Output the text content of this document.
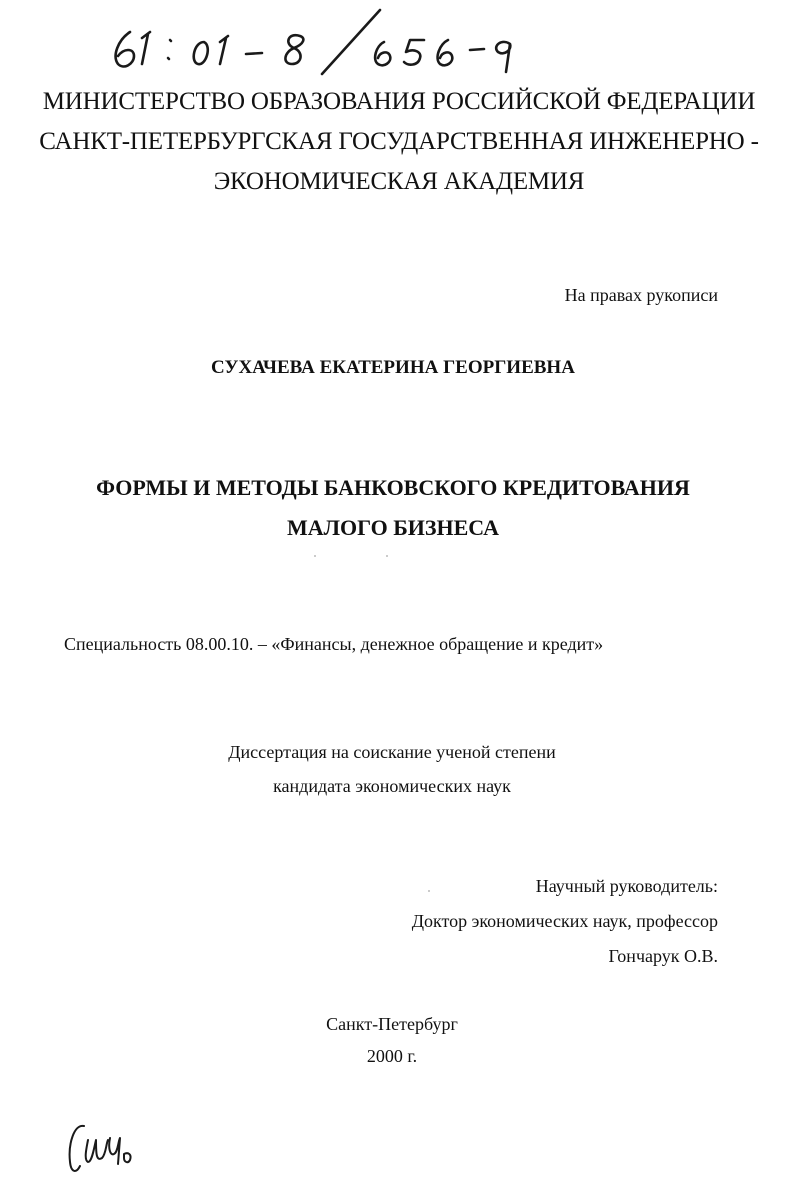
МИНИСТЕРСТВО ОБРАЗОВАНИЯ РОССИЙСКОЙ ФЕДЕРАЦИИ
САНКТ-ПЕТЕРБУРГСКАЯ ГОСУДАРСТВЕННАЯ ИНЖЕНЕРНО -
ЭКОНОМИЧЕСКАЯ АКАДЕМИЯ
На правах рукописи
СУХАЧЕВА ЕКАТЕРИНА ГЕОРГИЕВНА
ФОРМЫ И МЕТОДЫ БАНКОВСКОГО КРЕДИТОВАНИЯ
МАЛОГО БИЗНЕСА
Специальность 08.00.10. – «Финансы, денежное обращение и кредит»
Диссертация на соискание ученой степени
кандидата экономических наук
Научный руководитель:
Доктор экономических наук, профессор
Гончарук О.В.
Санкт-Петербург
2000 г.
